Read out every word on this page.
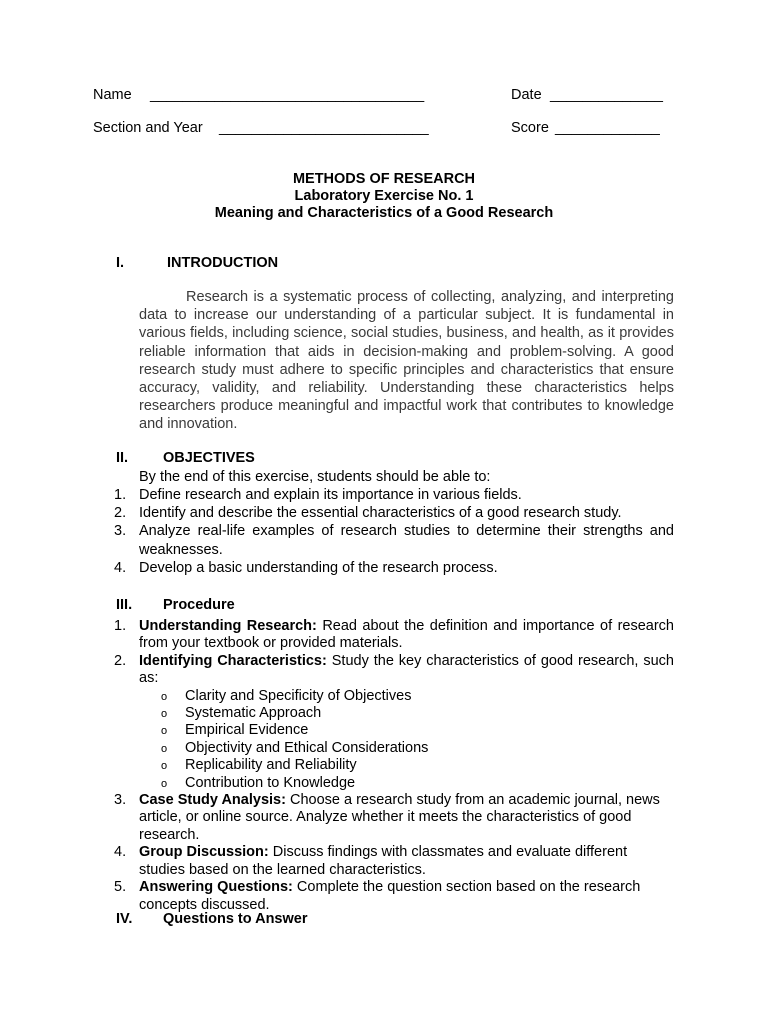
Name __________________________________	Date ______________
Section and Year __________________________	Score _____________
METHODS OF RESEARCH
Laboratory Exercise No. 1
Meaning and Characteristics of a Good Research
I.	INTRODUCTION
Research is a systematic process of collecting, analyzing, and interpreting data to increase our understanding of a particular subject. It is fundamental in various fields, including science, social studies, business, and health, as it provides reliable information that aids in decision-making and problem-solving. A good research study must adhere to specific principles and characteristics that ensure accuracy, validity, and reliability. Understanding these characteristics helps researchers produce meaningful and impactful work that contributes to knowledge and innovation.
II. OBJECTIVES
By the end of this exercise, students should be able to:
1. Define research and explain its importance in various fields.
2. Identify and describe the essential characteristics of a good research study.
3. Analyze real-life examples of research studies to determine their strengths and weaknesses.
4. Develop a basic understanding of the research process.
III. Procedure
1. Understanding Research: Read about the definition and importance of research from your textbook or provided materials.
2. Identifying Characteristics: Study the key characteristics of good research, such as:
o Clarity and Specificity of Objectives
o Systematic Approach
o Empirical Evidence
o Objectivity and Ethical Considerations
o Replicability and Reliability
o Contribution to Knowledge
3. Case Study Analysis: Choose a research study from an academic journal, news article, or online source. Analyze whether it meets the characteristics of good research.
4. Group Discussion: Discuss findings with classmates and evaluate different studies based on the learned characteristics.
5. Answering Questions: Complete the question section based on the research concepts discussed.
IV. Questions to Answer
